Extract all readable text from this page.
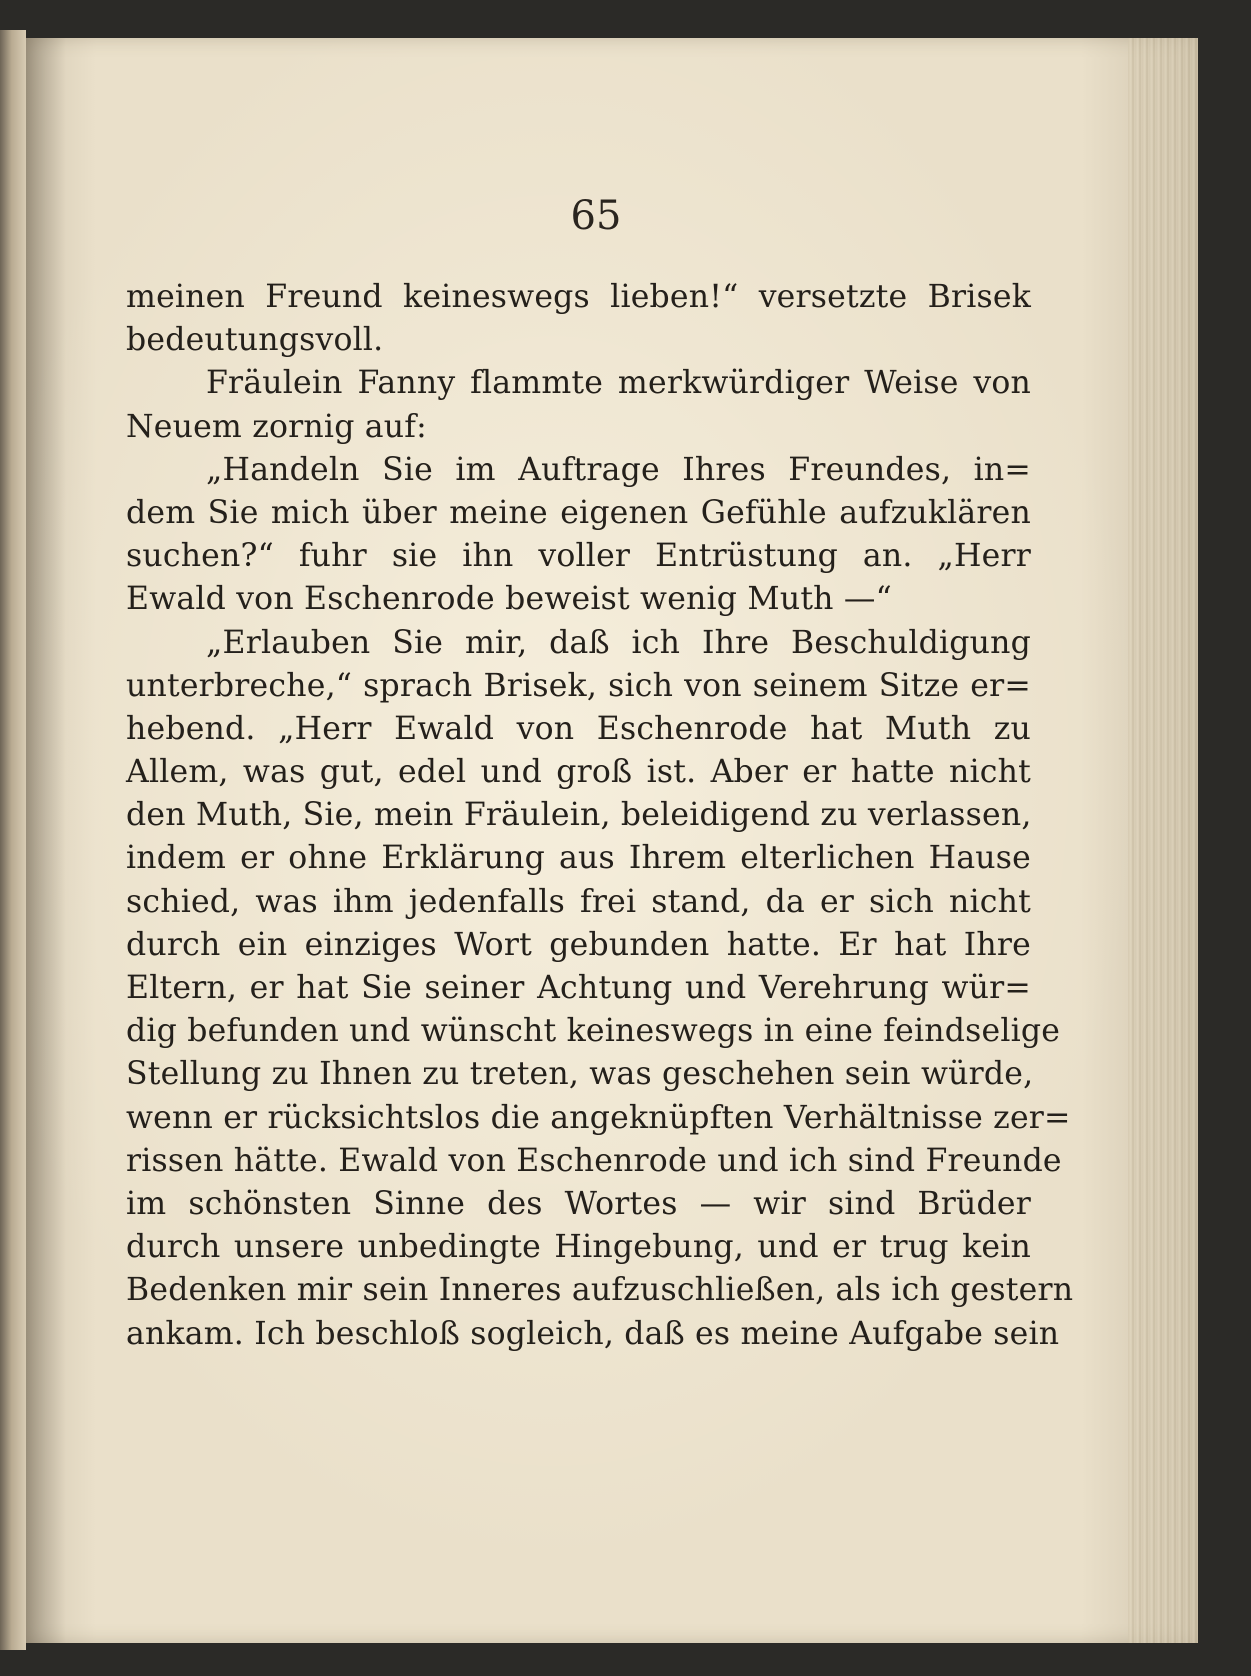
65
meinen Freund keineswegs lieben!“ versetzte Brisek
bedeutungsvoll.
Fräulein Fanny flammte merkwürdiger Weise von
Neuem zornig auf:
„Handeln Sie im Auftrage Ihres Freundes, in=
dem Sie mich über meine eigenen Gefühle aufzuklären
suchen?“ fuhr sie ihn voller Entrüstung an. „Herr
Ewald von Eschenrode beweist wenig Muth —“
„Erlauben Sie mir, daß ich Ihre Beschuldigung
unterbreche,“ sprach Brisek, sich von seinem Sitze er=
hebend. „Herr Ewald von Eschenrode hat Muth zu
Allem, was gut, edel und groß ist. Aber er hatte nicht
den Muth, Sie, mein Fräulein, beleidigend zu verlassen,
indem er ohne Erklärung aus Ihrem elterlichen Hause
schied, was ihm jedenfalls frei stand, da er sich nicht
durch ein einziges Wort gebunden hatte. Er hat Ihre
Eltern, er hat Sie seiner Achtung und Verehrung wür=
dig befunden und wünscht keineswegs in eine feindselige
Stellung zu Ihnen zu treten, was geschehen sein würde,
wenn er rücksichtslos die angeknüpften Verhältnisse zer=
rissen hätte. Ewald von Eschenrode und ich sind Freunde
im schönsten Sinne des Wortes — wir sind Brüder
durch unsere unbedingte Hingebung, und er trug kein
Bedenken mir sein Inneres aufzuschließen, als ich gestern
ankam. Ich beschloß sogleich, daß es meine Aufgabe sein
